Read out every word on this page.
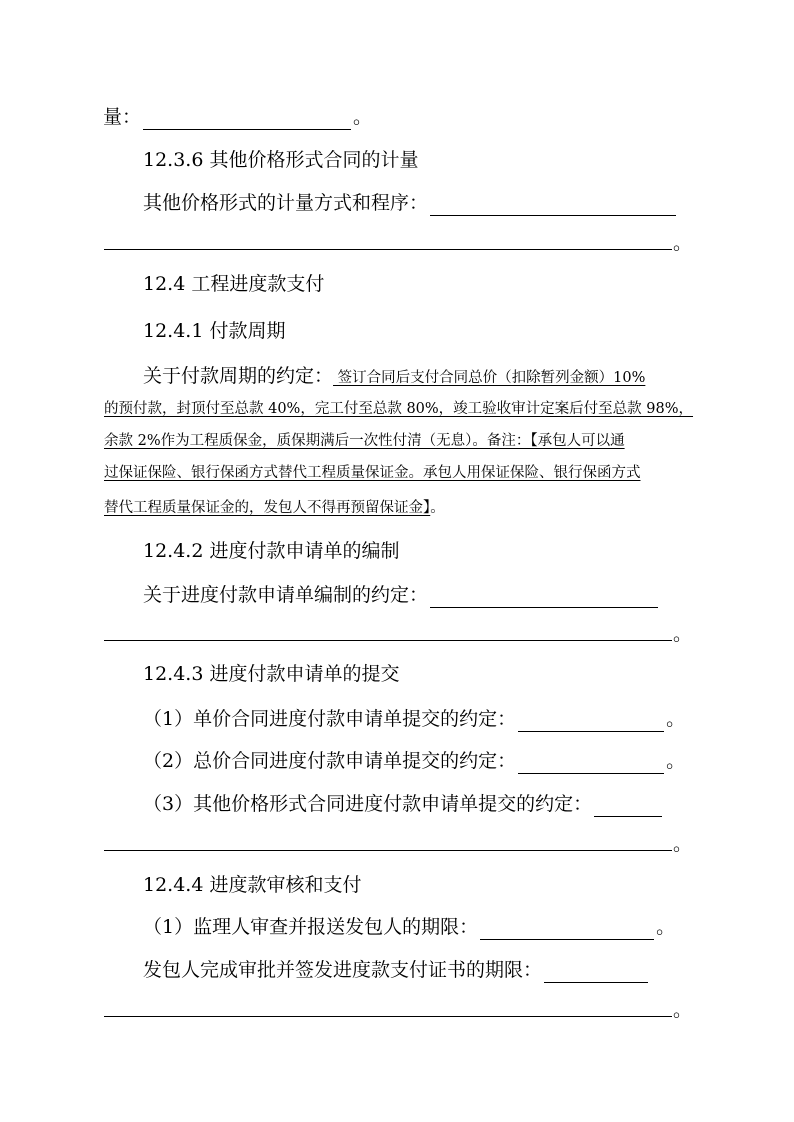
量：	。
12.3.6 其他价格形式合同的计量
其他价格形式的计量方式和程序：
。
12.4 工程进度款支付
12.4.1 付款周期
关于付款周期的约定： 签订合同后支付合同总价（扣除暂列金额）10%
的预付款，封顶付至总款 40%，完工付至总款 80%，竣工验收审计定案后付至总款 98%，
余款 2%作为工程质保金，质保期满后一次性付清（无息）。备注：【承包人可以通
过保证保险、银行保函方式替代工程质量保证金。承包人用保证保险、银行保函方式
替代工程质量保证金的，发包人不得再预留保证金】。
12.4.2 进度付款申请单的编制
关于进度付款申请单编制的约定：
。
12.4.3 进度付款申请单的提交
（1）单价合同进度付款申请单提交的约定：	。
（2）总价合同进度付款申请单提交的约定：	。
（3）其他价格形式合同进度付款申请单提交的约定：
。
12.4.4 进度款审核和支付
（1）监理人审查并报送发包人的期限：	。
发包人完成审批并签发进度款支付证书的期限：
。
